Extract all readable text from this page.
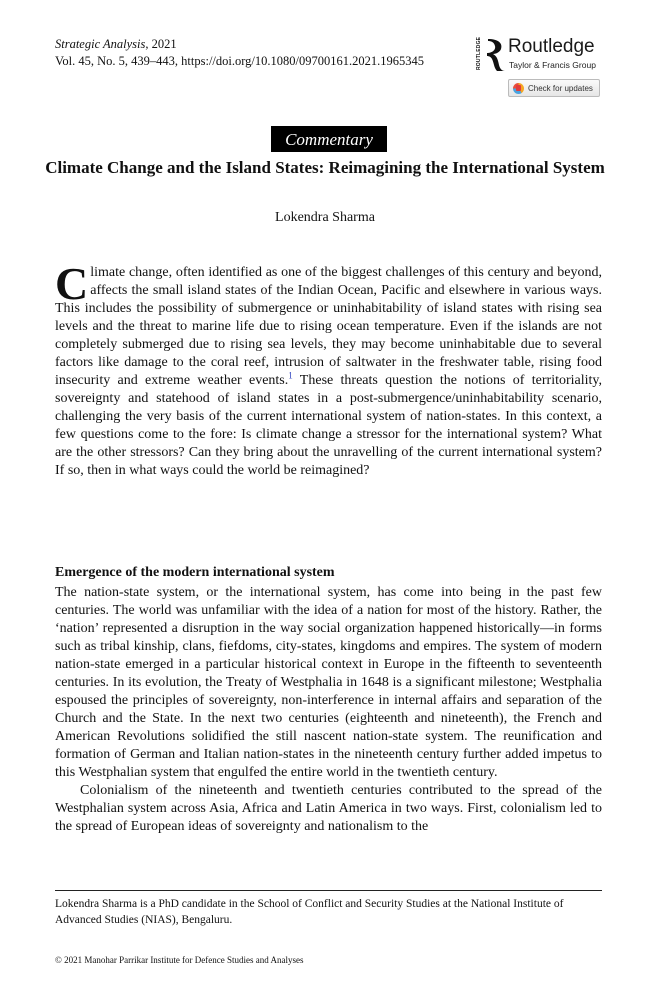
Strategic Analysis, 2021
Vol. 45, No. 5, 439–443, https://doi.org/10.1080/09700161.2021.1965345	ROUTLEDGE Routledge
Taylor & Francis Group
Check for updates
Commentary
Climate Change and the Island States: Reimagining the International System
Lokendra Sharma
Climate change, often identified as one of the biggest challenges of this century and beyond, affects the small island states of the Indian Ocean, Pacific and elsewhere in various ways. This includes the possibility of submergence or uninhabitability of island states with rising sea levels and the threat to marine life due to rising ocean temperature. Even if the islands are not completely submerged due to rising sea levels, they may become uninhabitable due to several factors like damage to the coral reef, intrusion of saltwater in the freshwater table, rising food insecurity and extreme weather events.$^1$ These threats question the notions of territoriality, sovereignty and statehood of island states in a post-submergence/uninhabitability scenario, challenging the very basis of the current international system of nation-states. In this context, a few questions come to the fore: Is climate change a stressor for the international system? What are the other stressors? Can they bring about the unravelling of the current international system? If so, then in what ways could the world be reimagined?
Emergence of the modern international system
The nation-state system, or the international system, has come into being in the past few centuries. The world was unfamiliar with the idea of a nation for most of the history. Rather, the ‘nation’ represented a disruption in the way social organization happened historically—in forms such as tribal kinship, clans, fiefdoms, city-states, kingdoms and empires. The system of modern nation-state emerged in a particular historical context in Europe in the fifteenth to seventeenth centuries. In its evolution, the Treaty of Westphalia in 1648 is a significant milestone; Westphalia espoused the principles of sovereignty, non-interference in internal affairs and separation of the Church and the State. In the next two centuries (eighteenth and nineteenth), the French and American Revolutions solidified the still nascent nation-state system. The reunification and formation of German and Italian nation-states in the nineteenth century further added impetus to this Westphalian system that engulfed the entire world in the twentieth century.
Colonialism of the nineteenth and twentieth centuries contributed to the spread of the Westphalian system across Asia, Africa and Latin America in two ways. First, colonialism led to the spread of European ideas of sovereignty and nationalism to the
Lokendra Sharma is a PhD candidate in the School of Conflict and Security Studies at the National Institute of Advanced Studies (NIAS), Bengaluru.
© 2021 Manohar Parrikar Institute for Defence Studies and Analyses
